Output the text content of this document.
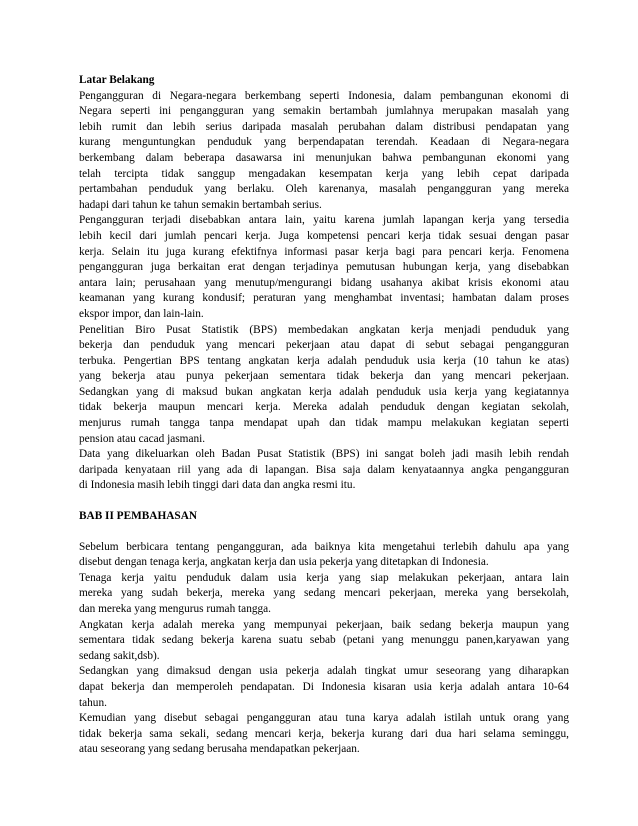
Latar Belakang
Pengangguran di Negara-negara berkembang seperti Indonesia, dalam pembangunan ekonomi di
Negara seperti ini pengangguran yang semakin bertambah jumlahnya merupakan masalah yang
lebih rumit dan lebih serius daripada masalah perubahan dalam distribusi pendapatan yang
kurang menguntungkan penduduk yang berpendapatan terendah. Keadaan di Negara-negara
berkembang dalam beberapa dasawarsa ini menunjukan bahwa pembangunan ekonomi yang
telah tercipta tidak sanggup mengadakan kesempatan kerja yang lebih cepat daripada
pertambahan penduduk yang berlaku. Oleh karenanya, masalah pengangguran yang mereka
hadapi dari tahun ke tahun semakin bertambah serius.
Pengangguran terjadi disebabkan antara lain, yaitu karena jumlah lapangan kerja yang tersedia
lebih kecil dari jumlah pencari kerja. Juga kompetensi pencari kerja tidak sesuai dengan pasar
kerja. Selain itu juga kurang efektifnya informasi pasar kerja bagi para pencari kerja. Fenomena
pengangguran juga berkaitan erat dengan terjadinya pemutusan hubungan kerja, yang disebabkan
antara lain; perusahaan yang menutup/mengurangi bidang usahanya akibat krisis ekonomi atau
keamanan yang kurang kondusif; peraturan yang menghambat inventasi; hambatan dalam proses
ekspor impor, dan lain-lain.
Penelitian Biro Pusat Statistik (BPS) membedakan angkatan kerja menjadi penduduk yang
bekerja dan penduduk yang mencari pekerjaan atau dapat di sebut sebagai pengangguran
terbuka. Pengertian BPS tentang angkatan kerja adalah penduduk usia kerja (10 tahun ke atas)
yang bekerja atau punya pekerjaan sementara tidak bekerja dan yang mencari pekerjaan.
Sedangkan yang di maksud bukan angkatan kerja adalah penduduk usia kerja yang kegiatannya
tidak bekerja maupun mencari kerja. Mereka adalah penduduk dengan kegiatan sekolah,
menjurus rumah tangga tanpa mendapat upah dan tidak mampu melakukan kegiatan seperti
pension atau cacad jasmani.
Data yang dikeluarkan oleh Badan Pusat Statistik (BPS) ini sangat boleh jadi masih lebih rendah
daripada kenyataan riil yang ada di lapangan. Bisa saja dalam kenyataannya angka pengangguran
di Indonesia masih lebih tinggi dari data dan angka resmi itu.
BAB II PEMBAHASAN
Sebelum berbicara tentang pengangguran, ada baiknya kita mengetahui terlebih dahulu apa yang
disebut dengan tenaga kerja, angkatan kerja dan usia pekerja yang ditetapkan di Indonesia.
Tenaga kerja yaitu penduduk dalam usia kerja yang siap melakukan pekerjaan, antara lain
mereka yang sudah bekerja, mereka yang sedang mencari pekerjaan, mereka yang bersekolah,
dan mereka yang mengurus rumah tangga.
Angkatan kerja adalah mereka yang mempunyai pekerjaan, baik sedang bekerja maupun yang
sementara tidak sedang bekerja karena suatu sebab (petani yang menunggu panen,karyawan yang
sedang sakit,dsb).
Sedangkan yang dimaksud dengan usia pekerja adalah tingkat umur seseorang yang diharapkan
dapat bekerja dan memperoleh pendapatan. Di Indonesia kisaran usia kerja adalah antara 10-64
tahun.
Kemudian yang disebut sebagai pengangguran atau tuna karya adalah istilah untuk orang yang
tidak bekerja sama sekali, sedang mencari kerja, bekerja kurang dari dua hari selama seminggu,
atau seseorang yang sedang berusaha mendapatkan pekerjaan.
